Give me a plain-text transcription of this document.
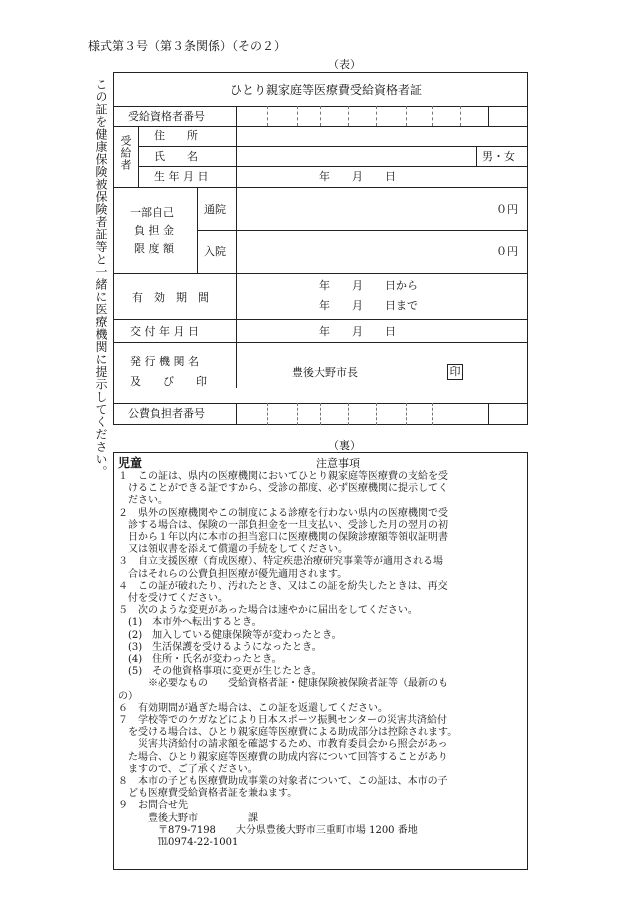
様式第３号（第３条関係）（その２）
（表）
この証を健康保険被保険者証等と一緒に医療機関に提示してください。	ひとり親家庭等医療費受給資格者証
受給資格者番号
受給者 住　　所
氏　　名	男・女
生 年 月 日	年　　月　　日
一部自己
負 担 金
限 度 額
通院	０円
入院	０円
有　効　期　間
年　　月　　日から
年　　月　　日まで
交 付 年 月 日	年　　月　　日
発 行 機 関 名
及　　び　　印
豊後大野市長	印
公費負担者番号
（裏）
児童	注意事項
１　この証は、県内の医療機関においてひとり親家庭等医療費の支給を受
　けることができる証ですから、受診の都度、必ず医療機関に提示してく
　ださい。
２　県外の医療機関やこの制度による診療を行わない県内の医療機関で受
　診する場合は、保険の一部負担金を一旦支払い、受診した月の翌月の初
　日から１年以内に本市の担当窓口に医療機関の保険診療額等領収証明書
　又は領収書を添えて償還の手続をしてください。
３　自立支援医療（育成医療）、特定疾患治療研究事業等が適用される場
　合はそれらの公費負担医療が優先適用されます。
４　この証が破れたり、汚れたとき、又はこの証を紛失したときは、再交
　付を受けてください。
５　次のような変更があった場合は速やかに届出をしてください。
　(1)　本市外へ転出するとき。
　(2)　加入している健康保険等が変わったとき。
　(3)　生活保護を受けるようになったとき。
　(4)　住所・氏名が変わったとき。
　(5)　その他資格事項に変更が生じたとき。
　　　※必要なもの　　受給資格者証・健康保険被保険者証等（最新のも
の）
６　有効期間が過ぎた場合は、この証を返還してください。
７　学校等でのケガなどにより日本スポーツ振興センターの災害共済給付
　を受ける場合は、ひとり親家庭等医療費による助成部分は控除されます。
　　災害共済給付の請求額を確認するため、市教育委員会から照会があっ
　た場合、ひとり親家庭等医療費の助成内容について回答することがあり
　ますので、ご了承ください。
８　本市の子ども医療費助成事業の対象者について、この証は、本市の子
　ども医療費受給資格者証を兼ねます。
９　お問合せ先
　　　豊後大野市　　　　　課
　　　　〒879-7198　　大分県豊後大野市三重町市場 1200 番地
　　　　℡0974-22-1001
